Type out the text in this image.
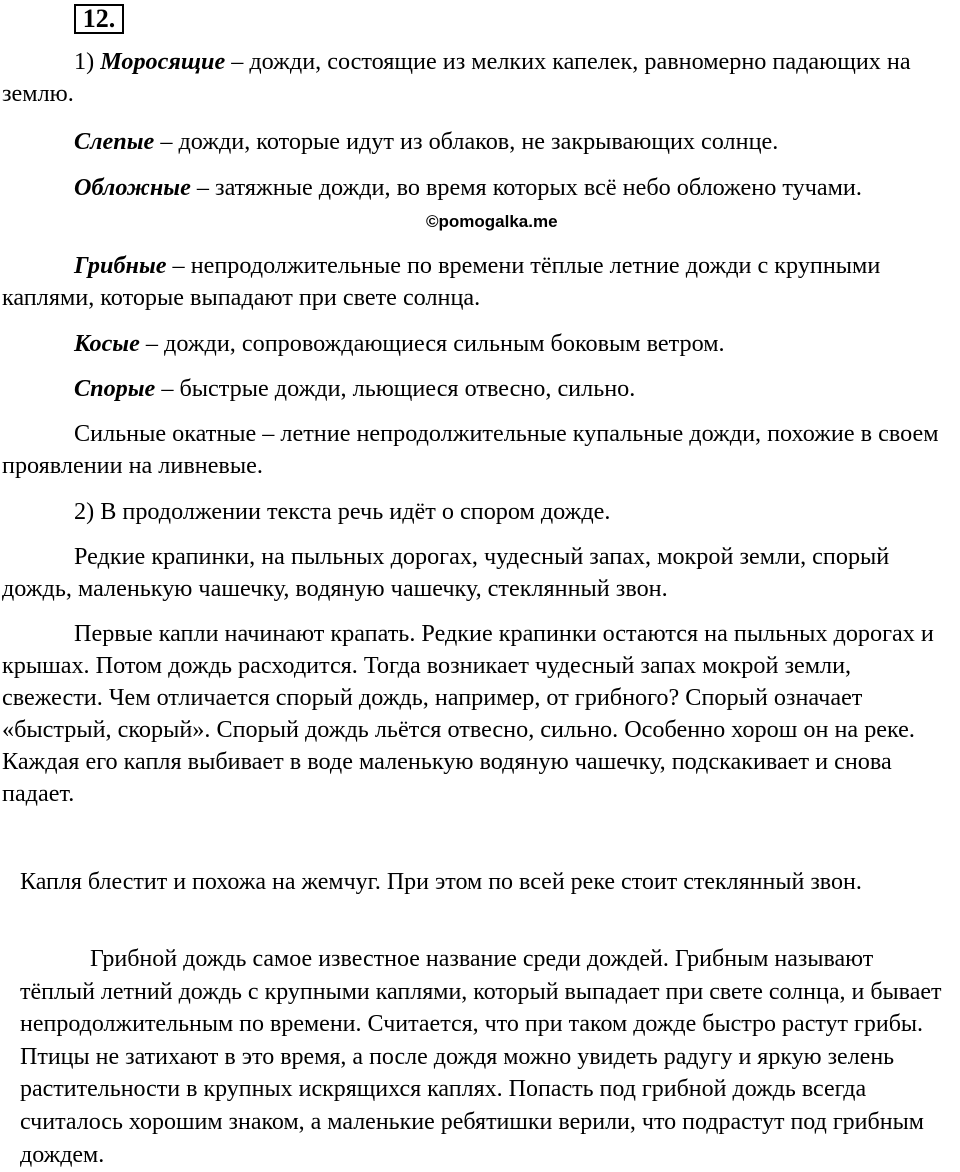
12.
1) Моросящие – дожди, состоящие из мелких капелек, равномерно падающих на землю.
Слепые – дожди, которые идут из облаков, не закрывающих солнце.
Обложные – затяжные дожди, во время которых всё небо обложено тучами.
©pomogalka.me
Грибные – непродолжительные по времени тёплые летние дожди с крупными каплями, которые выпадают при свете солнца.
Косые – дожди, сопровождающиеся сильным боковым ветром.
Спорые – быстрые дожди, льющиеся отвесно, сильно.
Сильные окатные – летние непродолжительные купальные дожди, похожие в своем проявлении на ливневые.
2) В продолжении текста речь идёт о спором дожде.
Редкие крапинки, на пыльных дорогах, чудесный запах, мокрой земли, спорый дождь, маленькую чашечку, водяную чашечку, стеклянный звон.
Первые капли начинают крапать. Редкие крапинки остаются на пыльных дорогах и крышах. Потом дождь расходится. Тогда возникает чудесный запах мокрой земли, свежести. Чем отличается спорый дождь, например, от грибного? Спорый означает «быстрый, скорый». Спорый дождь льётся отвесно, сильно. Особенно хорош он на реке. Каждая его капля выбивает в воде маленькую водяную чашечку, подскакивает и снова падает.
Капля блестит и похожа на жемчуг. При этом по всей реке стоит стеклянный звон.
Грибной дождь самое известное название среди дождей. Грибным называют тёплый летний дождь с крупными каплями, который выпадает при свете солнца, и бывает непродолжительным по времени. Считается, что при таком дожде быстро растут грибы. Птицы не затихают в это время, а после дождя можно увидеть радугу и яркую зелень растительности в крупных искрящихся каплях. Попасть под грибной дождь всегда считалось хорошим знаком, а маленькие ребятишки верили, что подрастут под грибным дождем.
